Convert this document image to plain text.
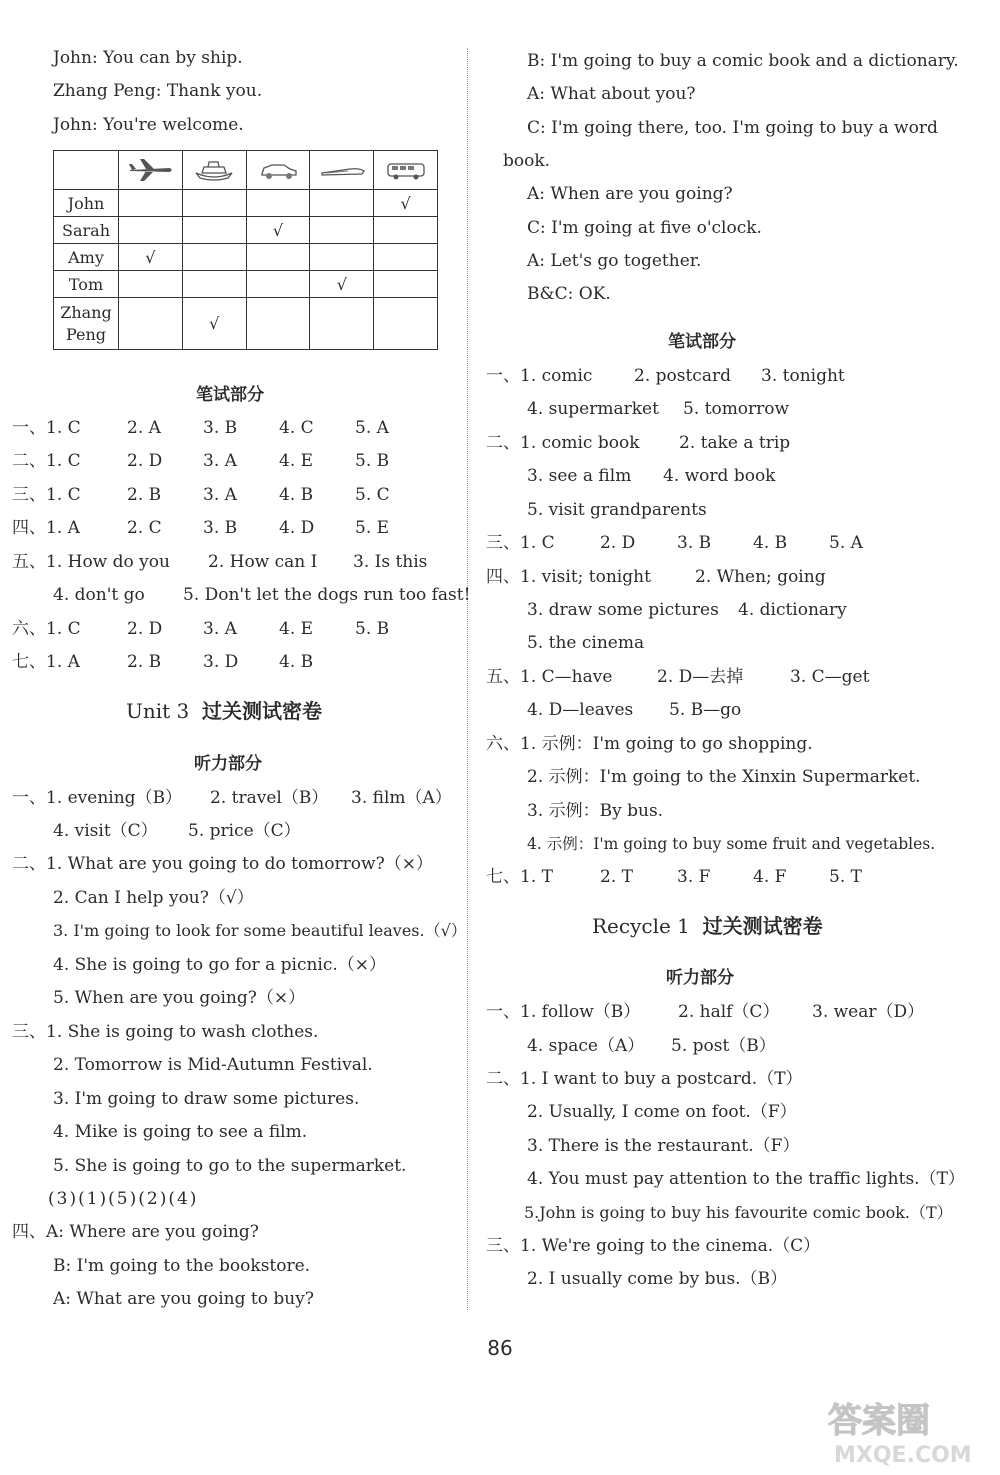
John: You can by ship.
Zhang Peng: Thank you.
John: You're welcome.

John					√
Sarah			√		
Amy	√				
Tom				√	
Zhang Peng		√			
笔试部分
一、1. C	2. A 3. B 4. C 5. A
二、1. C	2. D 3. A 4. E 5. B
三、1. C	2. B 3. A 4. B 5. C
四、1. A	2. C 3. B 4. D 5. E
五、1. How do you 2. How can I 3. Is this
4. don't go 5. Don't let the dogs run too fast!
六、1. C	2. D 3. A 4. E 5. B
七、1. A	2. B 3. D 4. B
Unit 3 过关测试密卷
听力部分
一、1. evening（B） 2. travel（B） 3. film（A）
4. visit（C） 5. price（C）
二、1. What are you going to do tomorrow?（×）
2. Can I help you?（√）
3. I'm going to look for some beautiful leaves.（√）
4. She is going to go for a picnic.（×）
5. When are you going?（×）
三、1. She is going to wash clothes.
2. Tomorrow is Mid-Autumn Festival.
3. I'm going to draw some pictures.
4. Mike is going to see a film.
5. She is going to go to the supermarket.
(3)(1)(5)(2)(4)
四、A: Where are you going?
B: I'm going to the bookstore.
A: What are you going to buy?
B: I'm going to buy a comic book and a dictionary.
A: What about you?
C: I'm going there, too. I'm going to buy a word
book.
A: When are you going?
C: I'm going at five o'clock.
A: Let's go together.
B&C: OK.
笔试部分
一、1. comic 2. postcard 3. tonight
4. supermarket 5. tomorrow
二、1. comic book 2. take a trip
3. see a film 4. word book
5. visit grandparents
三、1. C	2. D 3. B 4. B 5. A
四、1. visit; tonight	2. When; going
3. draw some pictures 4. dictionary
5. the cinema
五、1. C—have	2. D—去掉	3. C—get
4. D—leaves 5. B—go
六、1. 示例：I'm going to go shopping.
2. 示例：I'm going to the Xinxin Supermarket.
3. 示例：By bus.
4. 示例：I'm going to buy some fruit and vegetables.
七、1. T	2. T	3. F	4. F	5. T
Recycle 1 过关测试密卷
听力部分
一、1. follow（B） 2. half（C） 3. wear（D）
4. space（A） 5. post（B）
二、1. I want to buy a postcard.（T）
2. Usually, I come on foot.（F）
3. There is the restaurant.（F）
4. You must pay attention to the traffic lights.（T）
5.John is going to buy his favourite comic book.（T）
三、1. We're going to the cinema.（C）
2. I usually come by bus.（B）
86
答案圈
MXQE.COM
